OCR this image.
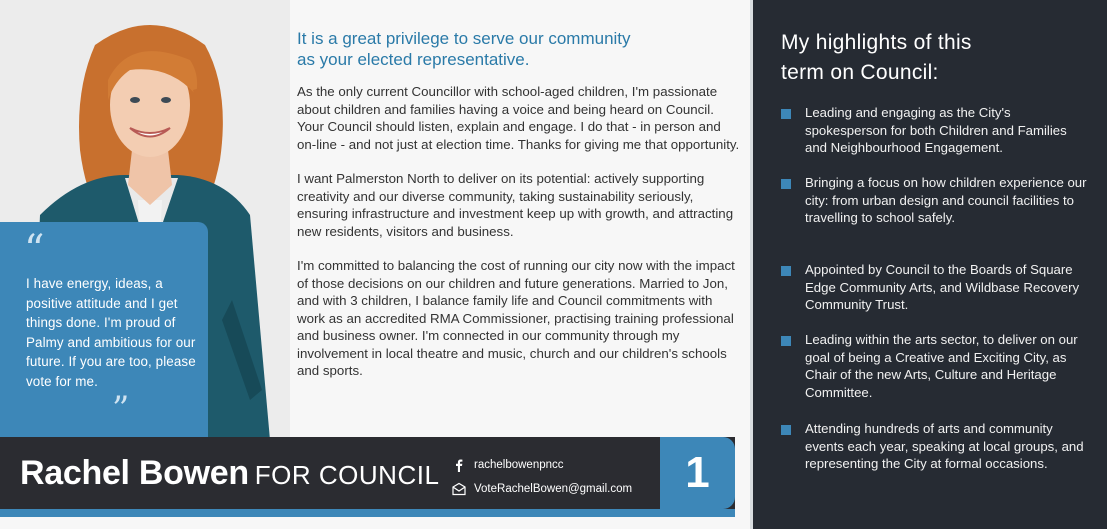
“
I have energy, ideas, a positive attitude and I get things done. I'm proud of Palmy and ambitious for our future. If you are too, please vote for me.
”
It is a great privilege to serve our community
as your elected representative.

As the only current Councillor with school-aged children, I'm passionate about children and families having a voice and being heard on Council. Your Council should listen, explain and engage. I do that - in person and on-line - and not just at election time. Thanks for giving me that opportunity.

I want Palmerston North to deliver on its potential: actively supporting creativity and our diverse community, taking sustainability seriously, ensuring infrastructure and investment keep up with growth, and attracting new residents, visitors and business.

I'm committed to balancing the cost of running our city now with the impact of those decisions on our children and future generations. Married to Jon, and with 3 children, I balance family life and Council commitments with work as an accredited RMA Commissioner, practising training professional and business owner. I'm connected in our community through my involvement in local theatre and music, church and our children's schools and sports.

Rachel Bowen FOR COUNCIL	rachelbowenpncc
VoteRachelBowen@gmail.com	1
My highlights of this
term on Council:
Leading and engaging as the City's spokesperson for both Children and Families and Neighbourhood Engagement.
Bringing a focus on how children experience our city: from urban design and council facilities to travelling to school safely.
Appointed by Council to the Boards of Square Edge Community Arts, and Wildbase Recovery Community Trust.
Leading within the arts sector, to deliver on our goal of being a Creative and Exciting City, as Chair of the new Arts, Culture and Heritage Committee.
Attending hundreds of arts and community events each year, speaking at local groups, and representing the City at formal occasions.
